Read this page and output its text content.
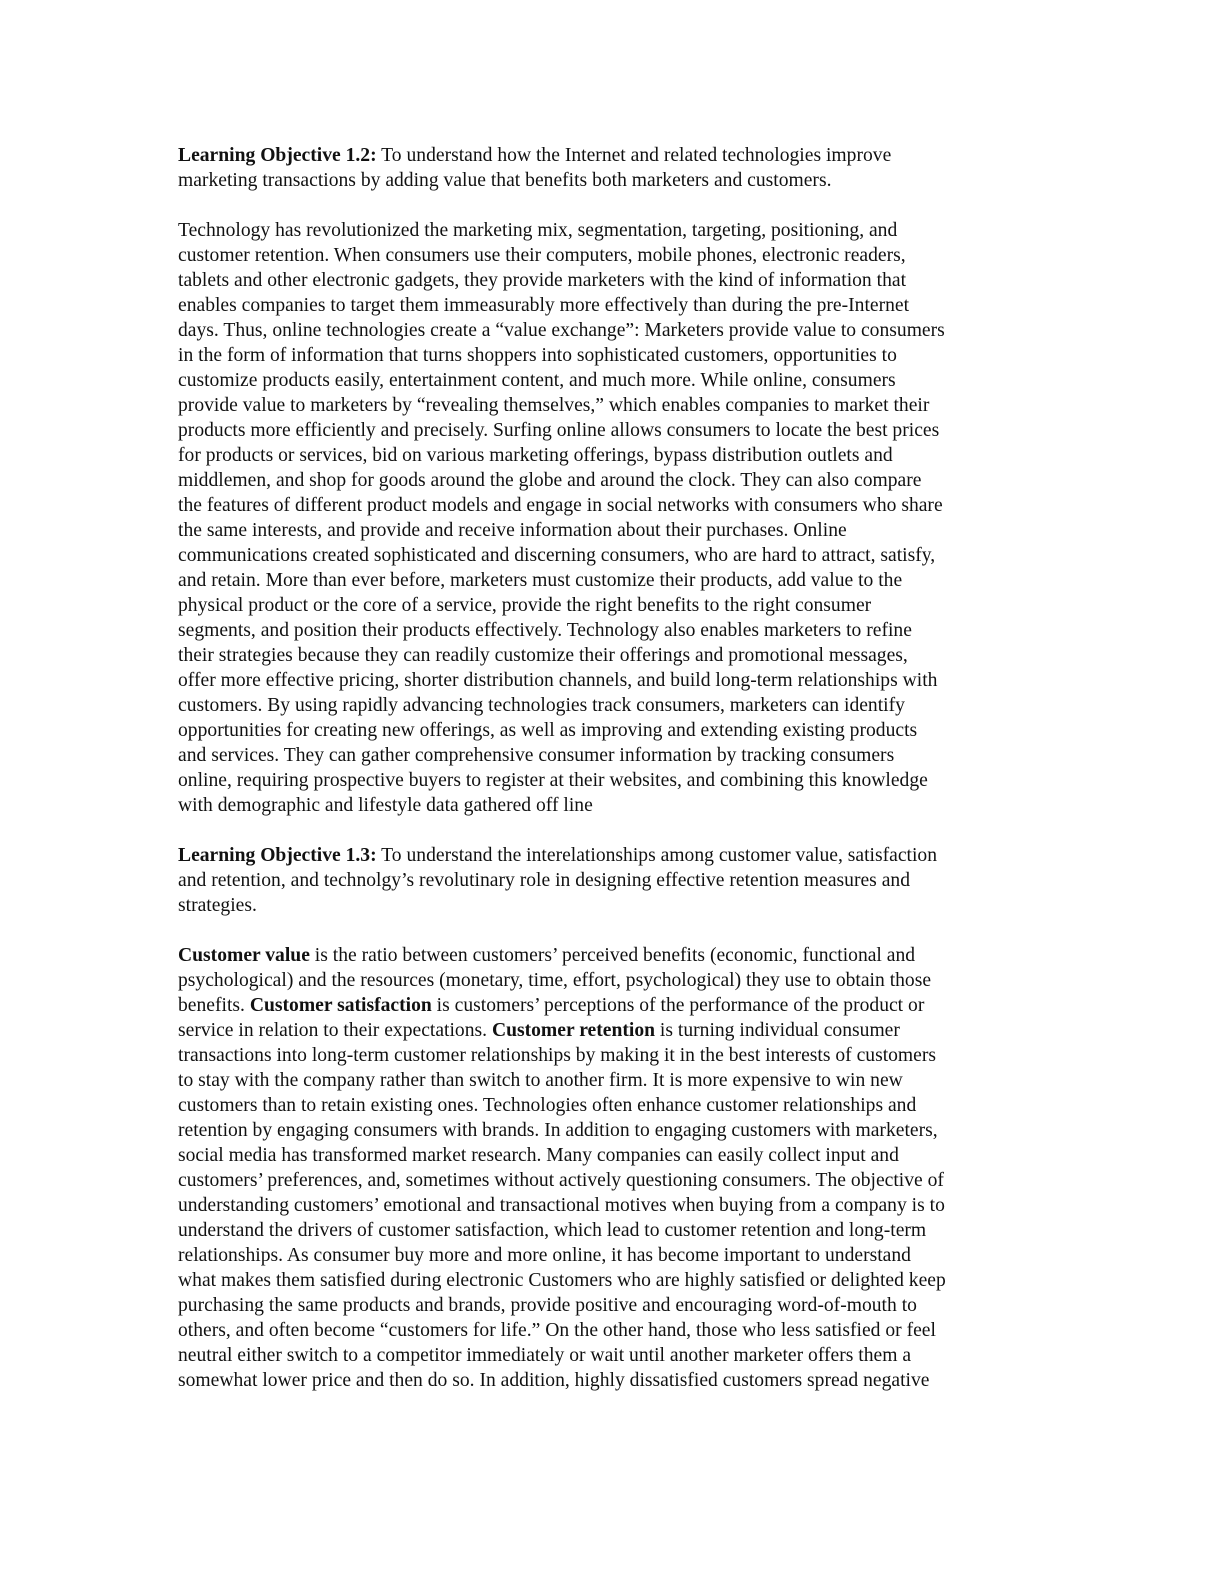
Learning Objective 1.2: To understand how the Internet and related technologies improve
marketing transactions by adding value that benefits both marketers and customers.

Technology has revolutionized the marketing mix, segmentation, targeting, positioning, and
customer retention. When consumers use their computers, mobile phones, electronic readers,
tablets and other electronic gadgets, they provide marketers with the kind of information that
enables companies to target them immeasurably more effectively than during the pre-Internet
days. Thus, online technologies create a “value exchange”: Marketers provide value to consumers
in the form of information that turns shoppers into sophisticated customers, opportunities to
customize products easily, entertainment content, and much more. While online, consumers
provide value to marketers by “revealing themselves,” which enables companies to market their
products more efficiently and precisely. Surfing online allows consumers to locate the best prices
for products or services, bid on various marketing offerings, bypass distribution outlets and
middlemen, and shop for goods around the globe and around the clock. They can also compare
the features of different product models and engage in social networks with consumers who share
the same interests, and provide and receive information about their purchases. Online
communications created sophisticated and discerning consumers, who are hard to attract, satisfy,
and retain. More than ever before, marketers must customize their products, add value to the
physical product or the core of a service, provide the right benefits to the right consumer
segments, and position their products effectively. Technology also enables marketers to refine
their strategies because they can readily customize their offerings and promotional messages,
offer more effective pricing, shorter distribution channels, and build long-term relationships with
customers. By using rapidly advancing technologies track consumers, marketers can identify
opportunities for creating new offerings, as well as improving and extending existing products
and services. They can gather comprehensive consumer information by tracking consumers
online, requiring prospective buyers to register at their websites, and combining this knowledge
with demographic and lifestyle data gathered off line

Learning Objective 1.3: To understand the interelationships among customer value, satisfaction
and retention, and technolgy’s revolutinary role in designing effective retention measures and
strategies.

Customer value is the ratio between customers’ perceived benefits (economic, functional and
psychological) and the resources (monetary, time, effort, psychological) they use to obtain those
benefits. Customer satisfaction is customers’ perceptions of the performance of the product or
service in relation to their expectations. Customer retention is turning individual consumer
transactions into long-term customer relationships by making it in the best interests of customers
to stay with the company rather than switch to another firm. It is more expensive to win new
customers than to retain existing ones. Technologies often enhance customer relationships and
retention by engaging consumers with brands. In addition to engaging customers with marketers,
social media has transformed market research. Many companies can easily collect input and
customers’ preferences, and, sometimes without actively questioning consumers. The objective of
understanding customers’ emotional and transactional motives when buying from a company is to
understand the drivers of customer satisfaction, which lead to customer retention and long-term
relationships. As consumer buy more and more online, it has become important to understand
what makes them satisfied during electronic Customers who are highly satisfied or delighted keep
purchasing the same products and brands, provide positive and encouraging word-of-mouth to
others, and often become “customers for life.” On the other hand, those who less satisfied or feel
neutral either switch to a competitor immediately or wait until another marketer offers them a
somewhat lower price and then do so. In addition, highly dissatisfied customers spread negative
